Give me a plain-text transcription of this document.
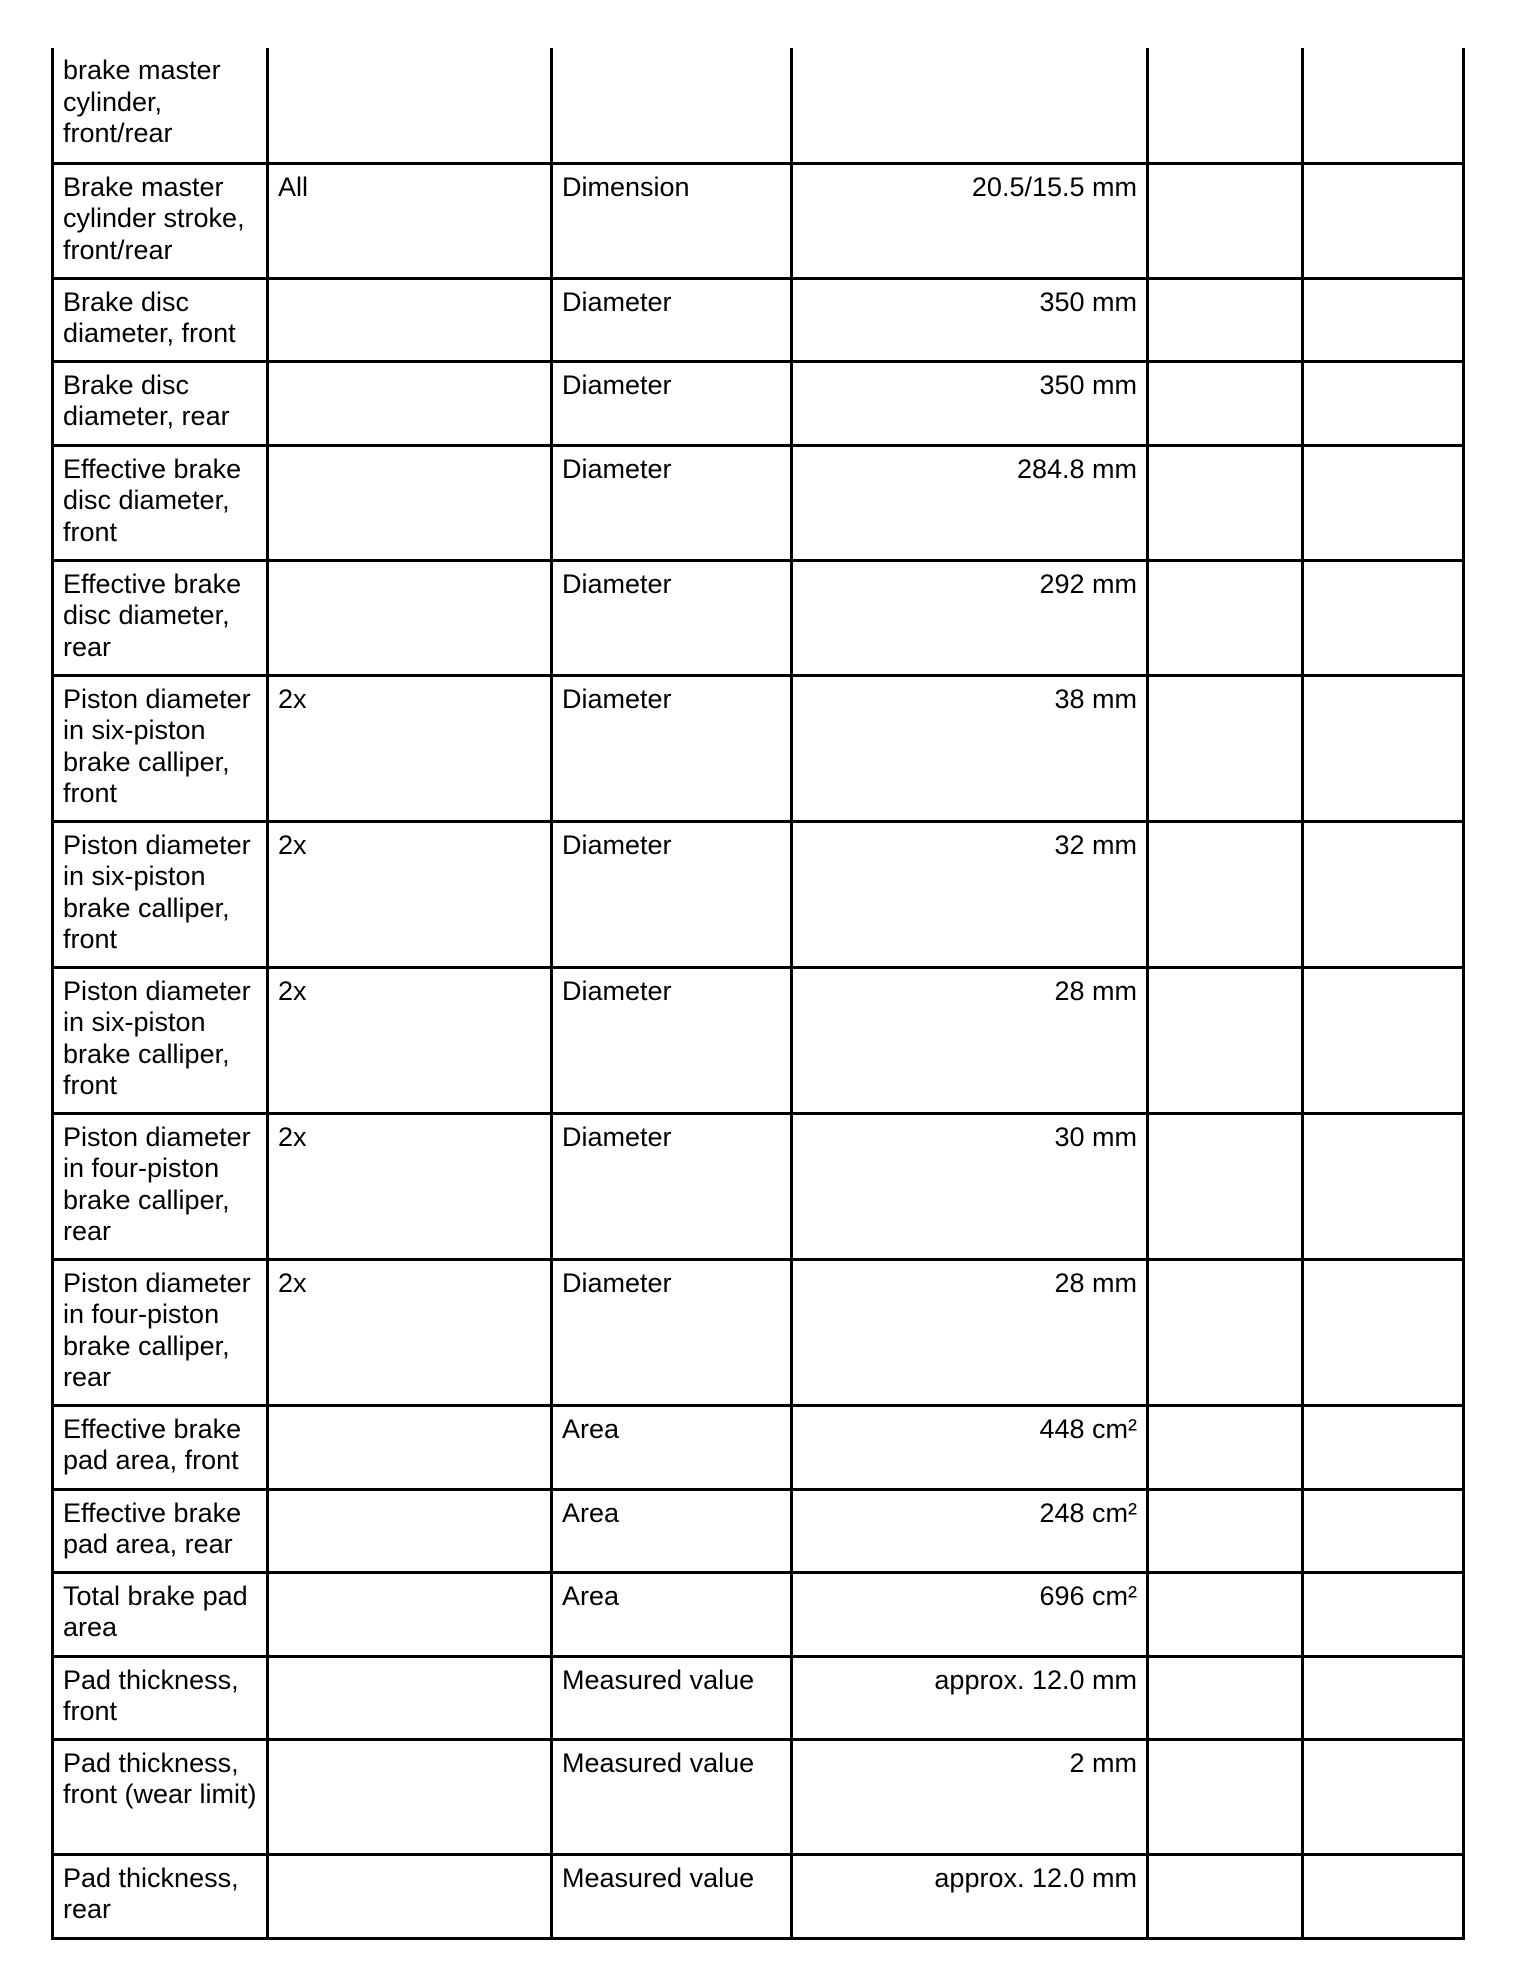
brake master cylinder, front/rear					
Brake master cylinder stroke, front/rear	All	Dimension	20.5/15.5 mm		
Brake disc diameter, front		Diameter	350 mm		
Brake disc diameter, rear		Diameter	350 mm		
Effective brake disc diameter, front		Diameter	284.8 mm		
Effective brake disc diameter, rear		Diameter	292 mm		
Piston diameter in six-piston brake calliper, front	2x	Diameter	38 mm		
Piston diameter in six-piston brake calliper, front	2x	Diameter	32 mm		
Piston diameter in six-piston brake calliper, front	2x	Diameter	28 mm		
Piston diameter in four-piston brake calliper, rear	2x	Diameter	30 mm		
Piston diameter in four-piston brake calliper, rear	2x	Diameter	28 mm		
Effective brake pad area, front		Area	448 cm²		
Effective brake pad area, rear		Area	248 cm²		
Total brake pad area		Area	696 cm²		
Pad thickness, front		Measured value	approx. 12.0 mm		
Pad thickness, front (wear limit)		Measured value	2 mm		
Pad thickness, rear		Measured value	approx. 12.0 mm		
